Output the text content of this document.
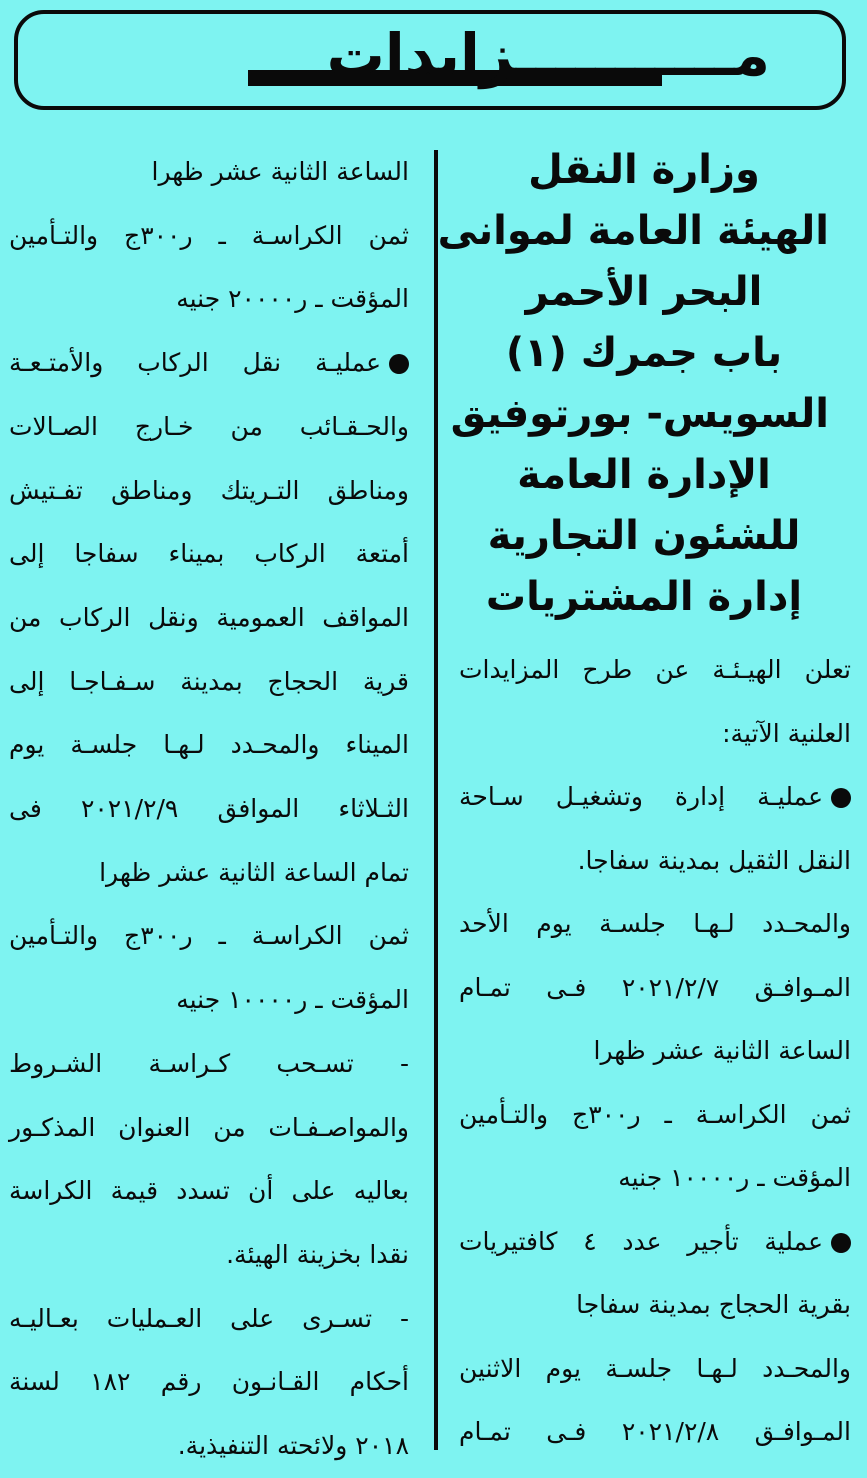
مـــــــــــزايدات
وزارة النقل
الهيئة العامة لموانى
البحر الأحمر
باب جمرك (١)
السويس- بورتوفيق
الإدارة العامة
للشئون التجارية
إدارة المشتريات
تعلن الهيـئـة عن طرح المزايدات
العلنية الآتية:
عمليـة إدارة وتشغيـل سـاحة
النقل الثقيل بمدينة سفاجا.
والمحـدد لـهـا جلسـة يوم الأحد
المـوافـق ٢٠٢١/٢/٧ فـى تمـام
الساعة الثانية عشر ظهرا
ثمن الكراسـة ـ ر٣٠٠ج والتـأمين
المؤقت ـ ر١٠٠٠٠ جنيه
عملية تأجير عدد ٤ كافتيريات
بقرية الحجاج بمدينة سفاجا
والمحـدد لـهـا جلسـة يوم الاثنين
المـوافـق ٢٠٢١/٢/٨ فـى تمـام
الساعة الثانية عشر ظهرا
ثمن الكراسـة ـ ر٣٠٠ج والتـأمين
المؤقت ـ ر٢٠٠٠٠ جنيه
عمليـة نقل الركاب والأمتـعـة
والحـقـائب من خـارج الصـالات
ومناطق التـريتك ومناطق تفـتيش
أمتعة الركاب بميناء سفاجا إلى
المواقف العمومية ونقل الركاب من
قرية الحجاج بمدينة سـفـاجـا إلى
الميناء والمحـدد لـهـا جلسـة يوم
الثـلاثاء الموافق ٢٠٢١/٢/٩ فى
تمام الساعة الثانية عشر ظهرا
ثمن الكراسـة ـ ر٣٠٠ج والتـأمين
المؤقت ـ ر١٠٠٠٠ جنيه
- تسـحب كـراسـة الشـروط
والمواصـفـات من العنوان المذكـور
بعاليه على أن تسدد قيمة الكراسة
نقدا بخزينة الهيئة.
- تسـرى على العـمليات بعـاليـه
أحكام القـانـون رقم ١٨٢ لسنة
٢٠١٨ ولائحته التنفيذية.
